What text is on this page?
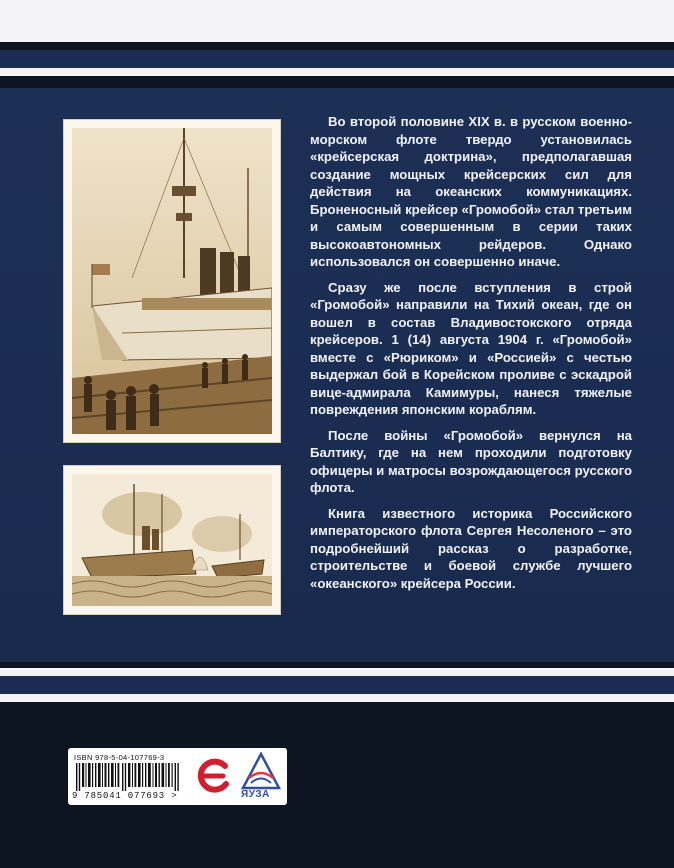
Во второй половине XIX в. в русском военно-морском флоте твердо установилась «крейсерская доктрина», предполагавшая создание мощных крейсерских сил для действия на океанских коммуникациях. Броненосный крейсер «Громобой» стал третьим и самым совершенным в серии таких высокоавтономных рейдеров. Однако использовался он совершенно иначе.

Сразу же после вступления в строй «Громобой» направили на Тихий океан, где он вошел в состав Владивостокского отряда крейсеров. 1 (14) августа 1904 г. «Громобой» вместе с «Рюриком» и «Россией» с честью выдержал бой в Корейском проливе с эскадрой вице-адмирала Камимуры, нанеся тяжелые повреждения японским кораблям.

После войны «Громобой» вернулся на Балтику, где на нем проходили подготовку офицеры и матросы возрождающегося русского флота.

Книга известного историка Российского императорского флота Сергея Несоленого – это подробнейший рассказ о разработке, строительстве и боевой службе лучшего «океанского» крейсера России.

ISBN 978-5-04-107769-3
9 785041 077693 >	ЯУЗА
